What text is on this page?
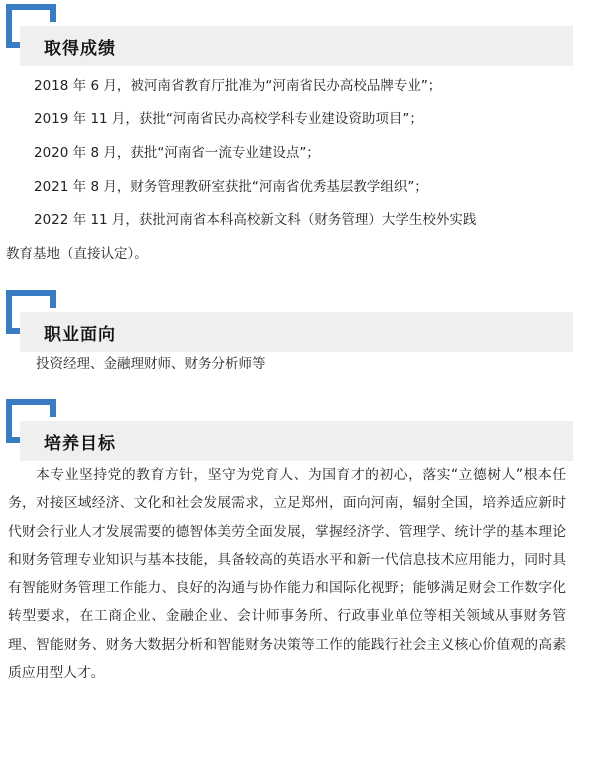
取得成绩
2018 年 6 月，被河南省教育厅批准为“河南省民办高校品牌专业”；
2019 年 11 月，获批“河南省民办高校学科专业建设资助项目”；
2020 年 8 月，获批“河南省一流专业建设点”；
2021 年 8 月，财务管理教研室获批“河南省优秀基层教学组织”；
2022 年 11 月，获批河南省本科高校新文科（财务管理）大学生校外实践
教育基地（直接认定）。
职业面向
投资经理、金融理财师、财务分析师等
培养目标
本专业坚持党的教育方针，坚守为党育人、为国育才的初心，落实“立德树人”根本任务，对接区域经济、文化和社会发展需求，立足郑州，面向河南，辐射全国，培养适应新时代财会行业人才发展需要的德智体美劳全面发展，掌握经济学、管理学、统计学的基本理论和财务管理专业知识与基本技能，具备较高的英语水平和新一代信息技术应用能力，同时具有智能财务管理工作能力、良好的沟通与协作能力和国际化视野；能够满足财会工作数字化转型要求，在工商企业、金融企业、会计师事务所、行政事业单位等相关领域从事财务管理、智能财务、财务大数据分析和智能财务决策等工作的能践行社会主义核心价值观的高素质应用型人才。
